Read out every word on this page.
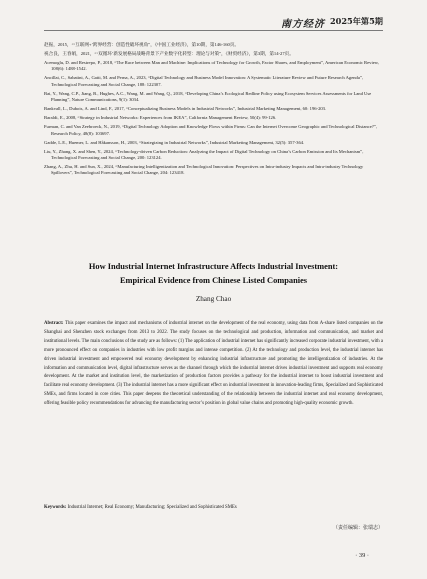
南方经济 2025年第5期

赵振，2015，“‘互联网+’跨界经营：创造性破坏视角”，《中国工业经济》，第10期，第146-160页。

祝合良，王春娟，2021，“‘双循环’新发展格局战略背景下产业数字化转型：理论与对策”，《财贸经济》，第3期，第14-27页。

Acemoglu, D. and Restrepo, P., 2018, “The Race between Man and Machine: Implications of Technology for Growth, Factor Shares, and Employment”, American Economic Review, 108(6): 1488-1542.

Ancillai, C., Sabatini, A., Gatti, M. and Perna, A., 2023, “Digital Technology and Business Model Innovation: A Systematic Literature Review and Future Research Agenda”, Technological Forecasting and Social Change, 188: 122307.

Bai, Y., Wang, C.P., Jiang, B., Hughes, A.C., Wang, M. and Wang, Q., 2018, “Developing China’s Ecological Redline Policy using Ecosystem Services Assessments for Land Use Planning”, Nature Communications, 9(1): 3034.

Bankvall, L., Dubois, A. and Lind, F., 2017, “Conceptualizing Business Models in Industrial Networks”, Industrial Marketing Management, 60: 196-203.

Baraldi, E., 2008, “Strategy in Industrial Networks: Experiences from IKEA”, California Management Review, 50(4): 99-126.

Furman, C. and Van Zeebroeck, N., 2019, “Digital Technology Adoption and Knowledge Flows within Firms: Can the Internet Overcome Geographic and Technological Distance?”, Research Policy, 48(8): 103697.

Gadde, L.E., Huemer, L. and Håkansson, H., 2003, “Strategizing in Industrial Networks”, Industrial Marketing Management, 32(5): 357-364.

Liu, Y., Zhang, X. and Shen, Y., 2024, “Technology-driven Carbon Reduction: Analyzing the Impact of Digital Technology on China’s Carbon Emission and Its Mechanism”, Technological Forecasting and Social Change, 200: 123124.

Zhang, A., Zhu, H. and Sun, X., 2024, “Manufacturing Intelligentization and Technological Innovation: Perspectives on Intra-industry Impacts and Intra-industry Technology Spillovers”, Technological Forecasting and Social Change, 204: 123418.

How Industrial Internet Infrastructure Affects Industrial Investment:
Empirical Evidence from Chinese Listed Companies
Zhang Chao

Abstract: This paper examines the impact and mechanisms of industrial internet on the development of the real economy, using data from A-share listed companies on the Shanghai and Shenzhen stock exchanges from 2013 to 2022. The study focuses on the technological and production, information and communication, and market and institutional levels. The main conclusions of the study are as follows: (1) The application of industrial internet has significantly increased corporate industrial investment, with a more pronounced effect on companies in industries with low profit margins and intense competition. (2) At the technology and production level, the industrial internet has driven industrial investment and empowered real economy development by enhancing industrial infrastructure and promoting the intelligentization of industries. At the information and communication level, digital infrastructure serves as the channel through which the industrial internet drives industrial investment and supports real economy development. At the market and institution level, the marketization of production factors provides a pathway for the industrial internet to boost industrial investment and facilitate real economy development. (3) The industrial internet has a more significant effect on industrial investment in innovation-leading firms, Specialized and Sophisticated SMEs, and firms located in core cities. This paper deepens the theoretical understanding of the relationship between the industrial internet and real economy development, offering feasible policy recommendations for advancing the manufacturing sector’s position in global value chains and promoting high-quality economic growth.

Keywords: Industrial Internet; Real Economy; Manufacturing; Specialized and Sophisticated SMEs
（责任编辑：张瑞志）
· 39 ·
